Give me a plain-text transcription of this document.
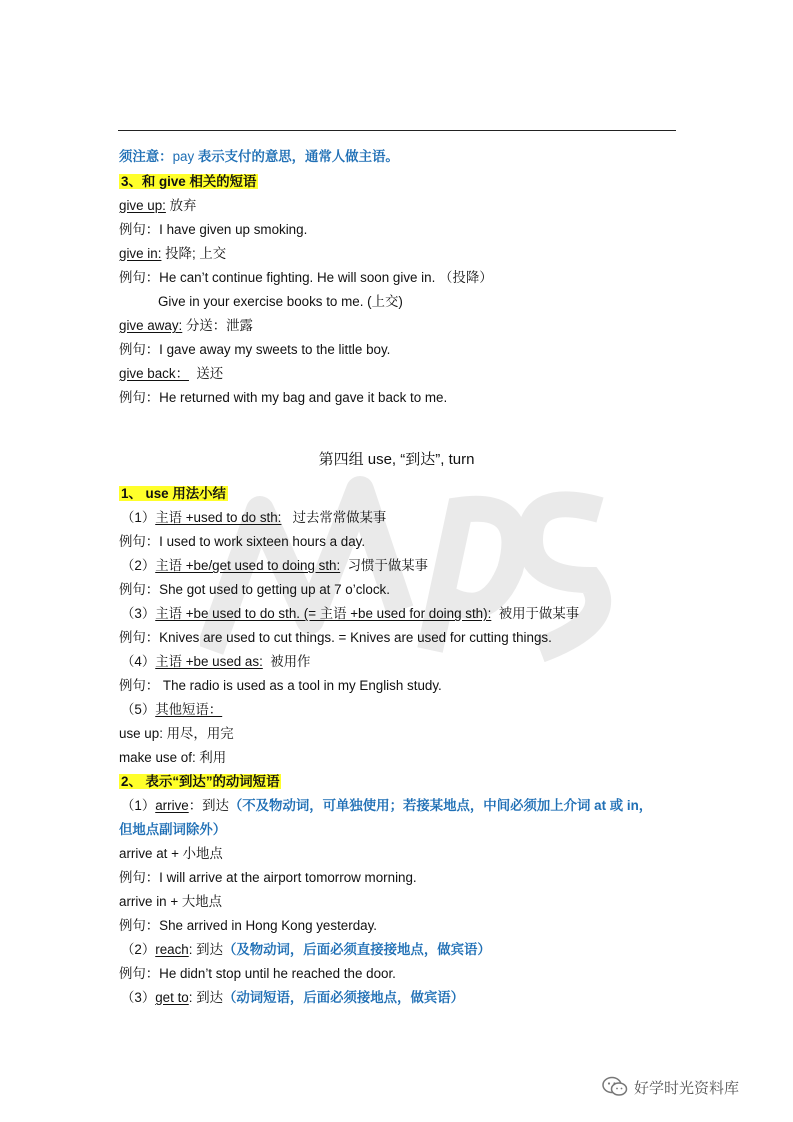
须注意：pay 表示支付的意思，通常人做主语。
3、和 give 相关的短语
give up: 放弃
例句：I have given up smoking.
give in: 投降; 上交
例句：He can’t continue fighting. He will soon give in. （投降）
Give in your exercise books to me. (上交)
give away: 分送：泄露
例句：I gave away my sweets to the little boy.
give back： 送还
例句：He returned with my bag and gave it back to me.
第四组 use, “到达”, turn
1、 use 用法小结
（1）主语 +used to do sth: 过去常常做某事
例句：I used to work sixteen hours a day.
（2）主语 +be/get used to doing sth: 习惯于做某事
例句：She got used to getting up at 7 o’clock.
（3）主语 +be used to do sth. (= 主语 +be used for doing sth): 被用于做某事
例句：Knives are used to cut things. = Knives are used for cutting things.
（4）主语 +be used as: 被用作
例句： The radio is used as a tool in my English study.
（5）其他短语：
use up: 用尽，用完
make use of: 利用
2、 表示“到达”的动词短语
（1）arrive：到达（不及物动词，可单独使用；若接某地点，中间必须加上介词 at 或 in，
但地点副词除外）
arrive at + 小地点
例句：I will arrive at the airport tomorrow morning.
arrive in + 大地点
例句：She arrived in Hong Kong yesterday.
（2）reach: 到达（及物动词，后面必须直接接地点，做宾语）
例句：He didn’t stop until he reached the door.
（3）get to: 到达（动词短语，后面必须接地点，做宾语）
好学时光资料库
